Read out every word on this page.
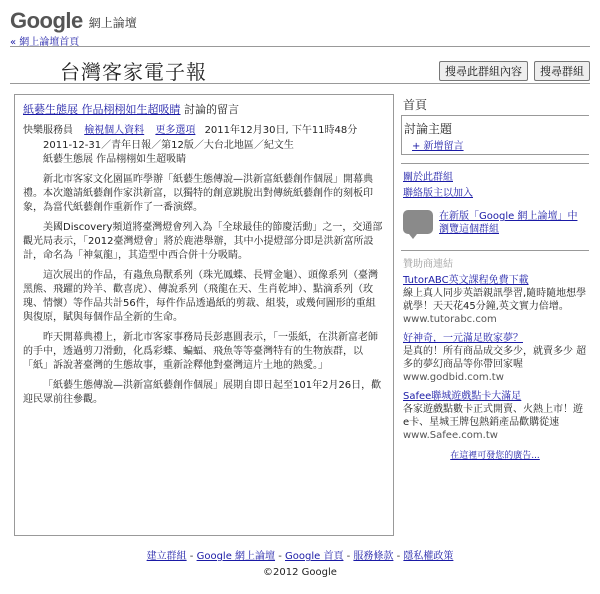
Google 網上論壇
« 網上論壇首頁
台灣客家電子報	搜尋此群組內容	搜尋群組
紙藝生態展 作品栩栩如生超吸睛 討論的留言
快樂服務員 檢視個人資料 更多選項 2011年12月30日, 下午11時48分

2011-12-31／青年日報／第12版／大台北地區／紀文生
紙藝生態展 作品栩栩如生超吸睛

新北市客家文化園區昨學辦「紙藝生態傳說—洪新富紙藝創作個展」開幕典禮。本次邀請紙藝創作家洪新富，以獨特的創意跳脫出對傳統紙藝創作的刻板印象，為當代紙藝創作重新作了一番演繹。

美國Discovery頻道將臺灣燈會列入為「全球最佳的節慶活動」之一，交通部觀光局表示，「2012臺灣燈會」將於鹿港舉辦，其中小提燈部分即是洪新富所設計，命名為「神氣龍」，其造型中西合併十分吸睛。

這次展出的作品，有蟲魚鳥獸系列（珠光鳳蝶、長臂金龜）、頭像系列（臺灣黑熊、飛躍的羚羊、歡喜虎）、傳說系列（飛龍在天、生肖乾坤）、點滴系列（玫瑰、情懷）等作品共計56件，每件作品透過紙的剪裁、組裝，或幾何圖形的重組與復原，賦與每個作品全新的生命。

昨天開幕典禮上，新北市客家事務局長彭惠圓表示，「一張紙，在洪新富老師的手中，透過剪刀滑動，化爲彩蝶、蝙蝠、飛魚等等臺灣特有的生物族群，以「紙」訴說著臺灣的生態故事，重新詮釋他對臺灣這片土地的熱愛。」

「紙藝生態傳說—洪新富紙藝創作個展」展期自即日起至101年2月26日，歡迎民眾前往參觀。

首頁
討論主題
+ 新增留言
關於此群組
聯絡版主以加入
在新版「Google 網上論壇」中瀏覽這個群組
贊助商連結
TutorABC英文課程免費下載
線上真人同步英語親訊學習,隨時隨地想學就學！天天花45分鐘,英文實力倍增。
www.tutorabc.com
好神奇，一元滿足敗家夢？
是真的！所有商品成交多少，就賣多少 超多的夢幻商品等你帶回家喔
www.godbid.com.tw
Safee聯城遊戲點卡大滿足
各家遊戲點數卡正式開賣、火熱上市！遊e卡、星城王牌包熱銷產品歡購從速
www.Safee.com.tw
在這裡可發您的廣告...
建立群組 - Google 網上論壇 - Google 首頁 - 服務條款 - 隱私權政策
©2012 Google
